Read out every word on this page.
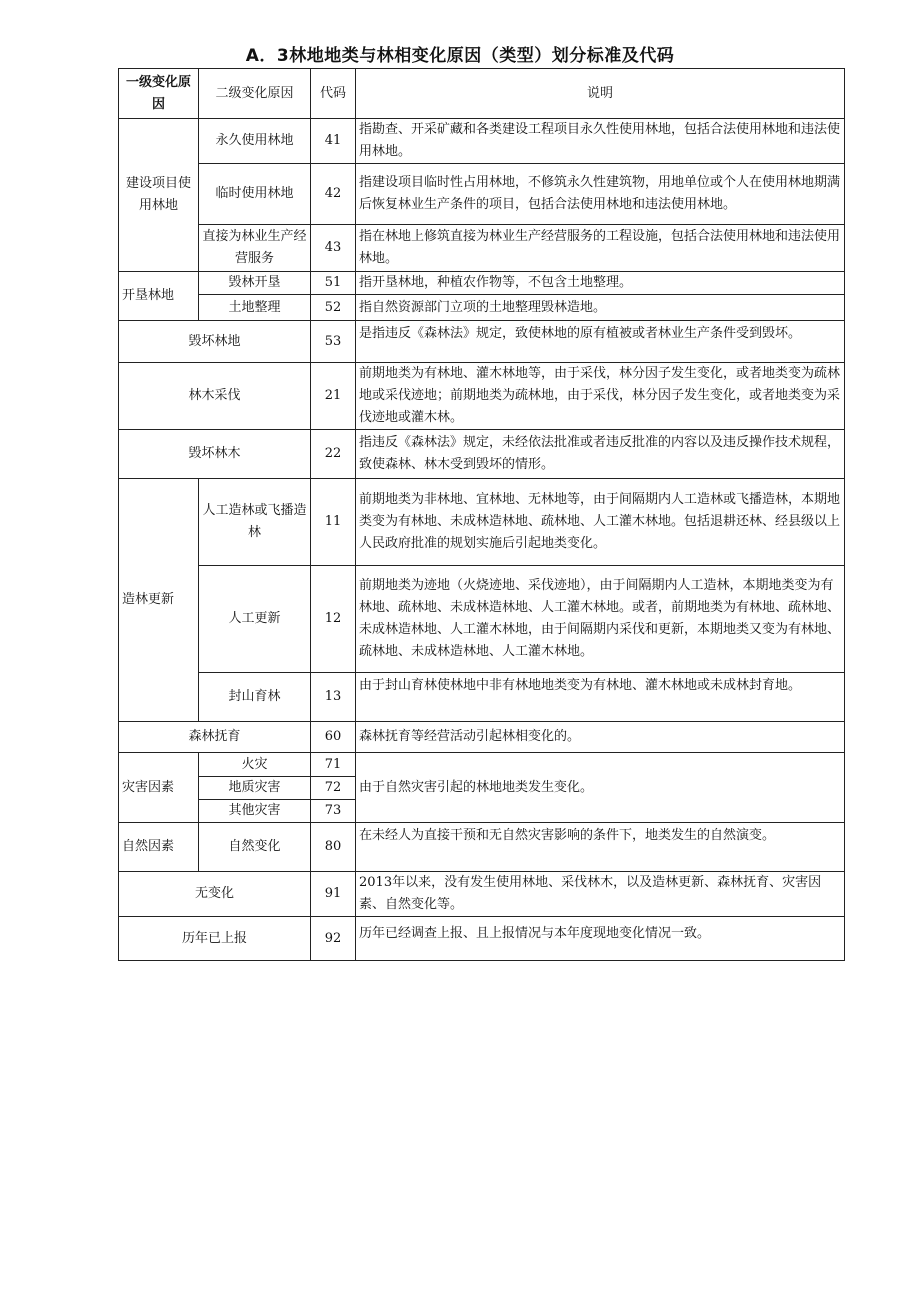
A．3林地地类与林相变化原因（类型）划分标准及代码
一级变化原因	二级变化原因	代码	说明
建设项目使用林地	永久使用林地	41	指勘查、开采矿藏和各类建设工程项目永久性使用林地，包括合法使用林地和违法使用林地。
	临时使用林地	42	指建设项目临时性占用林地，不修筑永久性建筑物，用地单位或个人在使用林地期满后恢复林业生产条件的项目，包括合法使用林地和违法使用林地。
	直接为林业生产经营服务	43	指在林地上修筑直接为林业生产经营服务的工程设施，包括合法使用林地和违法使用林地。
开垦林地	毁林开垦	51	指开垦林地，种植农作物等，不包含土地整理。
	土地整理	52	指自然资源部门立项的土地整理毁林造地。
毁坏林地		53	是指违反《森林法》规定，致使林地的原有植被或者林业生产条件受到毁坏。
林木采伐		21	前期地类为有林地、灌木林地等，由于采伐，林分因子发生变化，或者地类变为疏林地或采伐迹地；前期地类为疏林地，由于采伐，林分因子发生变化，或者地类变为采伐迹地或灌木林。
毁坏林木		22	指违反《森林法》规定，未经依法批准或者违反批准的内容以及违反操作技术规程，致使森林、林木受到毁坏的情形。
造林更新	人工造林或飞播造林	11	前期地类为非林地、宜林地、无林地等，由于间隔期内人工造林或飞播造林，本期地类变为有林地、未成林造林地、疏林地、人工灌木林地。包括退耕还林、经县级以上人民政府批准的规划实施后引起地类变化。
	人工更新	12	前期地类为迹地（火烧迹地、采伐迹地），由于间隔期内人工造林，本期地类变为有林地、疏林地、未成林造林地、人工灌木林地。或者，前期地类为有林地、疏林地、未成林造林地、人工灌木林地，由于间隔期内采伐和更新，本期地类又变为有林地、疏林地、未成林造林地、人工灌木林地。
	封山育林	13	由于封山育林使林地中非有林地地类变为有林地、灌木林地或未成林封育地。
森林抚育		60	森林抚育等经营活动引起林相变化的。
灾害因素	火灾	71	由于自然灾害引起的林地地类发生变化。
	地质灾害	72	
	其他灾害	73	
自然因素	自然变化	80	在未经人为直接干预和无自然灾害影响的条件下，地类发生的自然演变。
无变化		91	2013年以来，没有发生使用林地、采伐林木，以及造林更新、森林抚育、灾害因素、自然变化等。
历年已上报		92	历年已经调查上报、且上报情况与本年度现地变化情况一致。
